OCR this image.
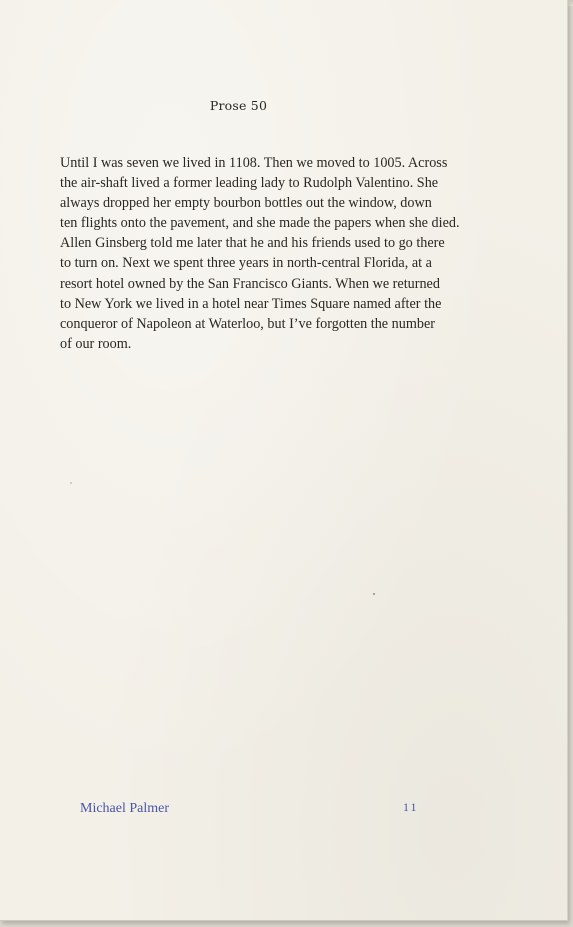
Prose 50
Until I was seven we lived in 1108. Then we moved to 1005. Across
the air-shaft lived a former leading lady to Rudolph Valentino. She
always dropped her empty bourbon bottles out the window, down
ten flights onto the pavement, and she made the papers when she died.
Allen Ginsberg told me later that he and his friends used to go there
to turn on. Next we spent three years in north-central Florida, at a
resort hotel owned by the San Francisco Giants. When we returned
to New York we lived in a hotel near Times Square named after the
conqueror of Napoleon at Waterloo, but I’ve forgotten the number
of our room.
Michael Palmer	11
